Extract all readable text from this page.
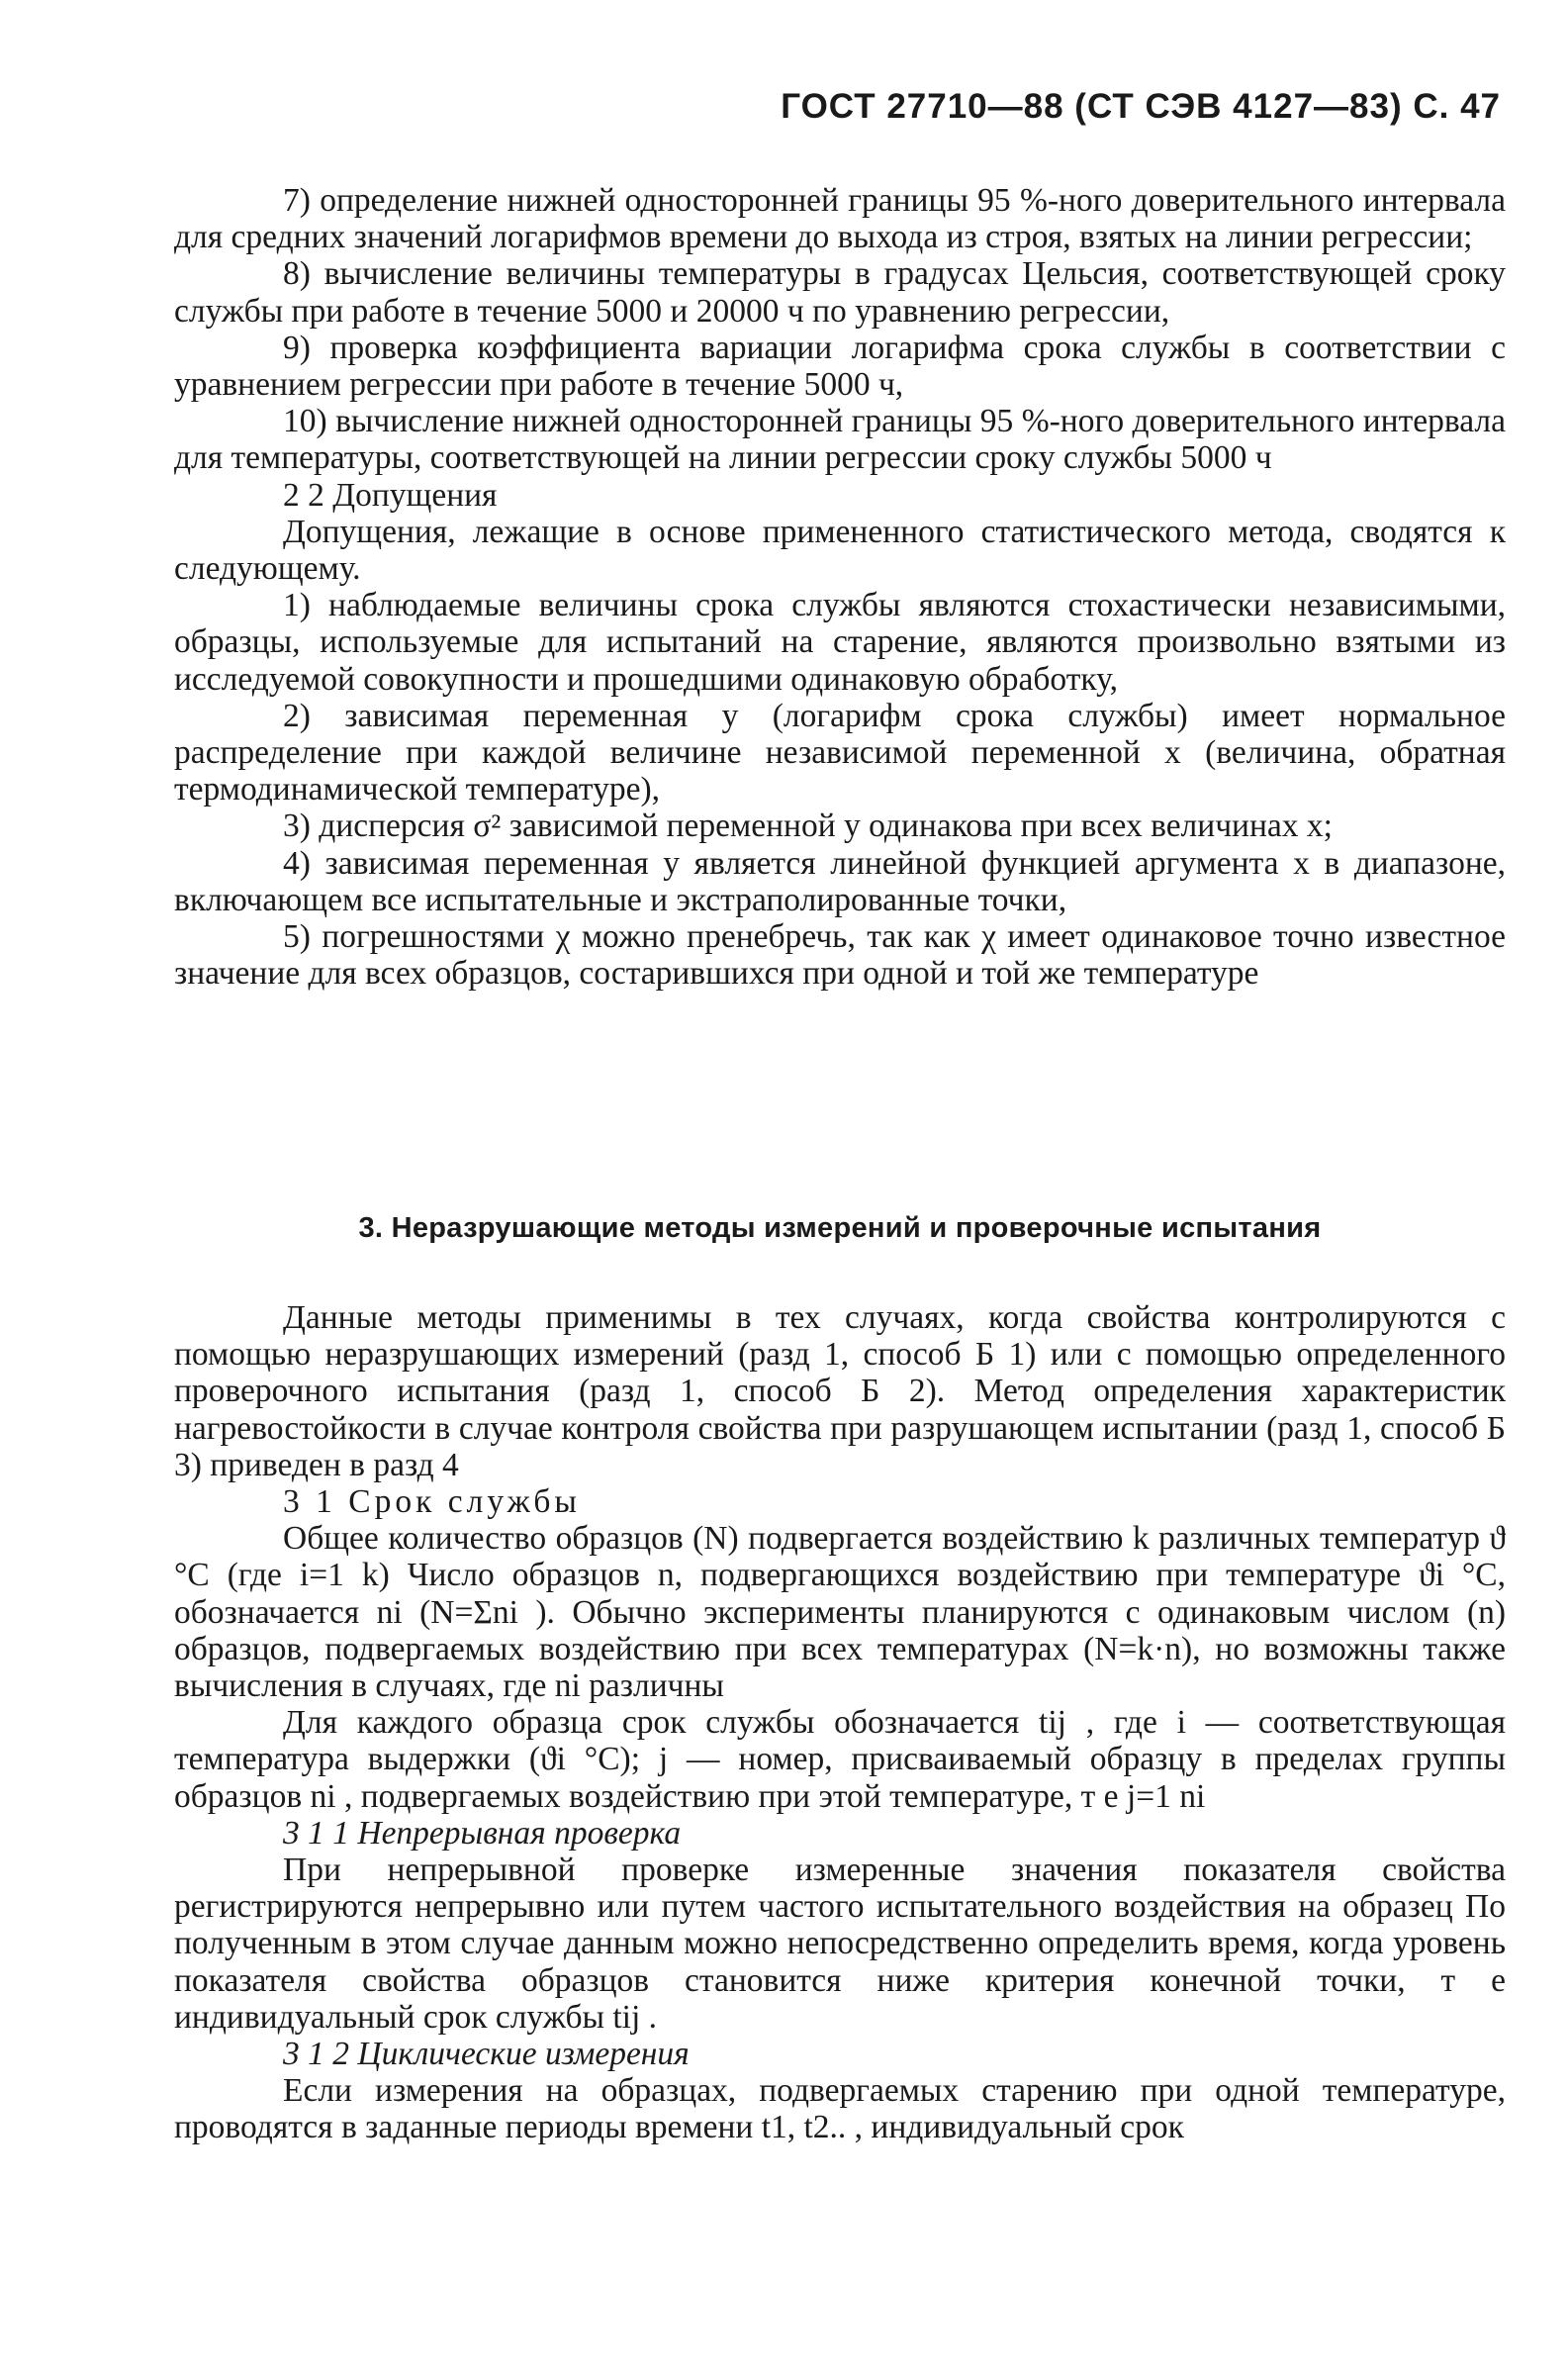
ГОСТ 27710—88 (СТ СЭВ 4127—83) С. 47

7) определение нижней односторонней границы 95 %-ного доверительного интервала для средних значений логарифмов времени до выхода из строя, взятых на линии регрессии;

8) вычисление величины температуры в градусах Цельсия, соответствующей сроку службы при работе в течение 5000 и 20000 ч по уравнению регрессии,

9) проверка коэффициента вариации логарифма срока службы в соответствии с уравнением регрессии при работе в течение 5000 ч,

10) вычисление нижней односторонней границы 95 %-ного доверительного интервала для температуры, соответствующей на линии регрессии сроку службы 5000 ч

2 2 Допущения

Допущения, лежащие в основе примененного статистического метода, сводятся к следующему.

1) наблюдаемые величины срока службы являются стохастически независимыми, образцы, используемые для испытаний на старение, являются произвольно взятыми из исследуемой совокупности и прошедшими одинаковую обработку,

2) зависимая переменная y (логарифм срока службы) имеет нормальное распределение при каждой величине независимой переменной x (величина, обратная термодинамической температуре),

3) дисперсия σ² зависимой переменной y одинакова при всех величинах x;

4) зависимая переменная y является линейной функцией аргумента x в диапазоне, включающем все испытательные и экстраполированные точки,

5) погрешностями χ можно пренебречь, так как χ имеет одинаковое точно известное значение для всех образцов, состарившихся при одной и той же температуре

3. Неразрушающие методы измерений и проверочные испытания

Данные методы применимы в тех случаях, когда свойства контролируются с помощью неразрушающих измерений (разд 1, способ Б 1) или с помощью определенного проверочного испытания (разд 1, способ Б 2). Метод определения характеристик нагревостойкости в случае контроля свойства при разрушающем испытании (разд 1, способ Б 3) приведен в разд 4

3 1 Срок службы

Общее количество образцов (N) подвергается воздействию k различных температур ϑ °С (где i=1 k) Число образцов n, подвергающихся воздействию при температуре ϑi °С, обозначается ni (N=Σni ). Обычно эксперименты планируются с одинаковым числом (n) образцов, подвергаемых воздействию при всех температурах (N=k·n), но возможны также вычисления в случаях, где ni различны

Для каждого образца срок службы обозначается tij , где i — соответствующая температура выдержки (ϑi °С); j — номер, присваиваемый образцу в пределах группы образцов ni , подвергаемых воздействию при этой температуре, т е j=1 ni

3 1 1 Непрерывная проверка

При непрерывной проверке измеренные значения показателя свойства регистрируются непрерывно или путем частого испытательного воздействия на образец По полученным в этом случае данным можно непосредственно определить время, когда уровень показателя свойства образцов становится ниже критерия конечной точки, т е индивидуальный срок службы tij .

3 1 2 Циклические измерения

Если измерения на образцах, подвергаемых старению при одной температуре, проводятся в заданные периоды времени t1, t2.. , индивидуальный срок
